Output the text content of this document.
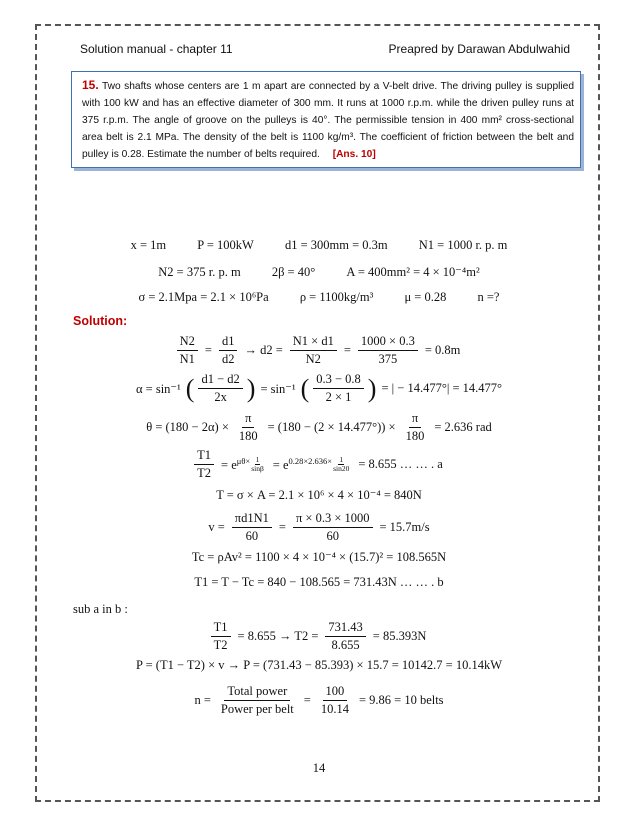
Solution manual - chapter 11	Preapred by Darawan Abdulwahid
15. Two shafts whose centers are 1 m apart are connected by a V-belt drive. The driving pulley is supplied with 100 kW and has an effective diameter of 300 mm. It runs at 1000 r.p.m. while the driven pulley runs at 375 r.p.m. The angle of groove on the pulleys is 40°. The permissible tension in 400 mm² cross-sectional area belt is 2.1 MPa. The density of the belt is 1100 kg/m³. The coefficient of friction between the belt and pulley is 0.28. Estimate the number of belts required. [Ans. 10]
x = 1m P = 100kW d1 = 300mm = 0.3m N1 = 1000 r. p. m
N2 = 375 r. p. m 2β = 40° A = 400mm² = 4 × 10⁻⁴m²
σ = 2.1Mpa = 2.1 × 10⁶Pa ρ = 1100kg/m³ μ = 0.28 n =?
Solution:
$\frac{N2}{N1} = \frac{d1}{d2} \to d2 = \frac{N1 \times d1}{N2} = \frac{1000 \times 0.3}{375} = 0.8m$
α = sin⁻¹ ( $\frac{d1 - d2}{2x}$ ) = sin⁻¹ ( $\frac{0.3 - 0.8}{2 \times 1}$ ) = | − 14.477°| = 14.477°
$\theta = (180 - 2\alpha) \times \frac{\pi}{180} = (180 - (2 \times 14.477^\circ)) \times \frac{\pi}{180} = 2.636$ rad
$\frac{T1}{T2} = e^{\mu\theta\times} \frac{1}{\sin\beta} = e^{0.28\times 2.636\times} \frac{1}{\sin 20} = 8.655$ … … . a
T = σ × A = 2.1 × 10⁶ × 4 × 10⁻⁴ = 840N
$v = \frac{\pi d1N1}{60} = \frac{\pi \times 0.3 \times 1000}{60} = 15.7m/s$
Tc = ρAv² = 1100 × 4 × 10⁻⁴ × (15.7)² = 108.565N
T1 = T − Tc = 840 − 108.565 = 731.43N … … . b
sub a in b :
$\frac{T1}{T2} = 8.655 \to T2 = \frac{731.43}{8.655} = 85.393N$
P = (T1 − T2) × v → P = (731.43 − 85.393) × 15.7 = 10142.7 = 10.14kW
$n = \frac{\text{Total power}}{\text{Power per belt}} = \frac{100}{10.14} = 9.86 = 10$ belts
14
